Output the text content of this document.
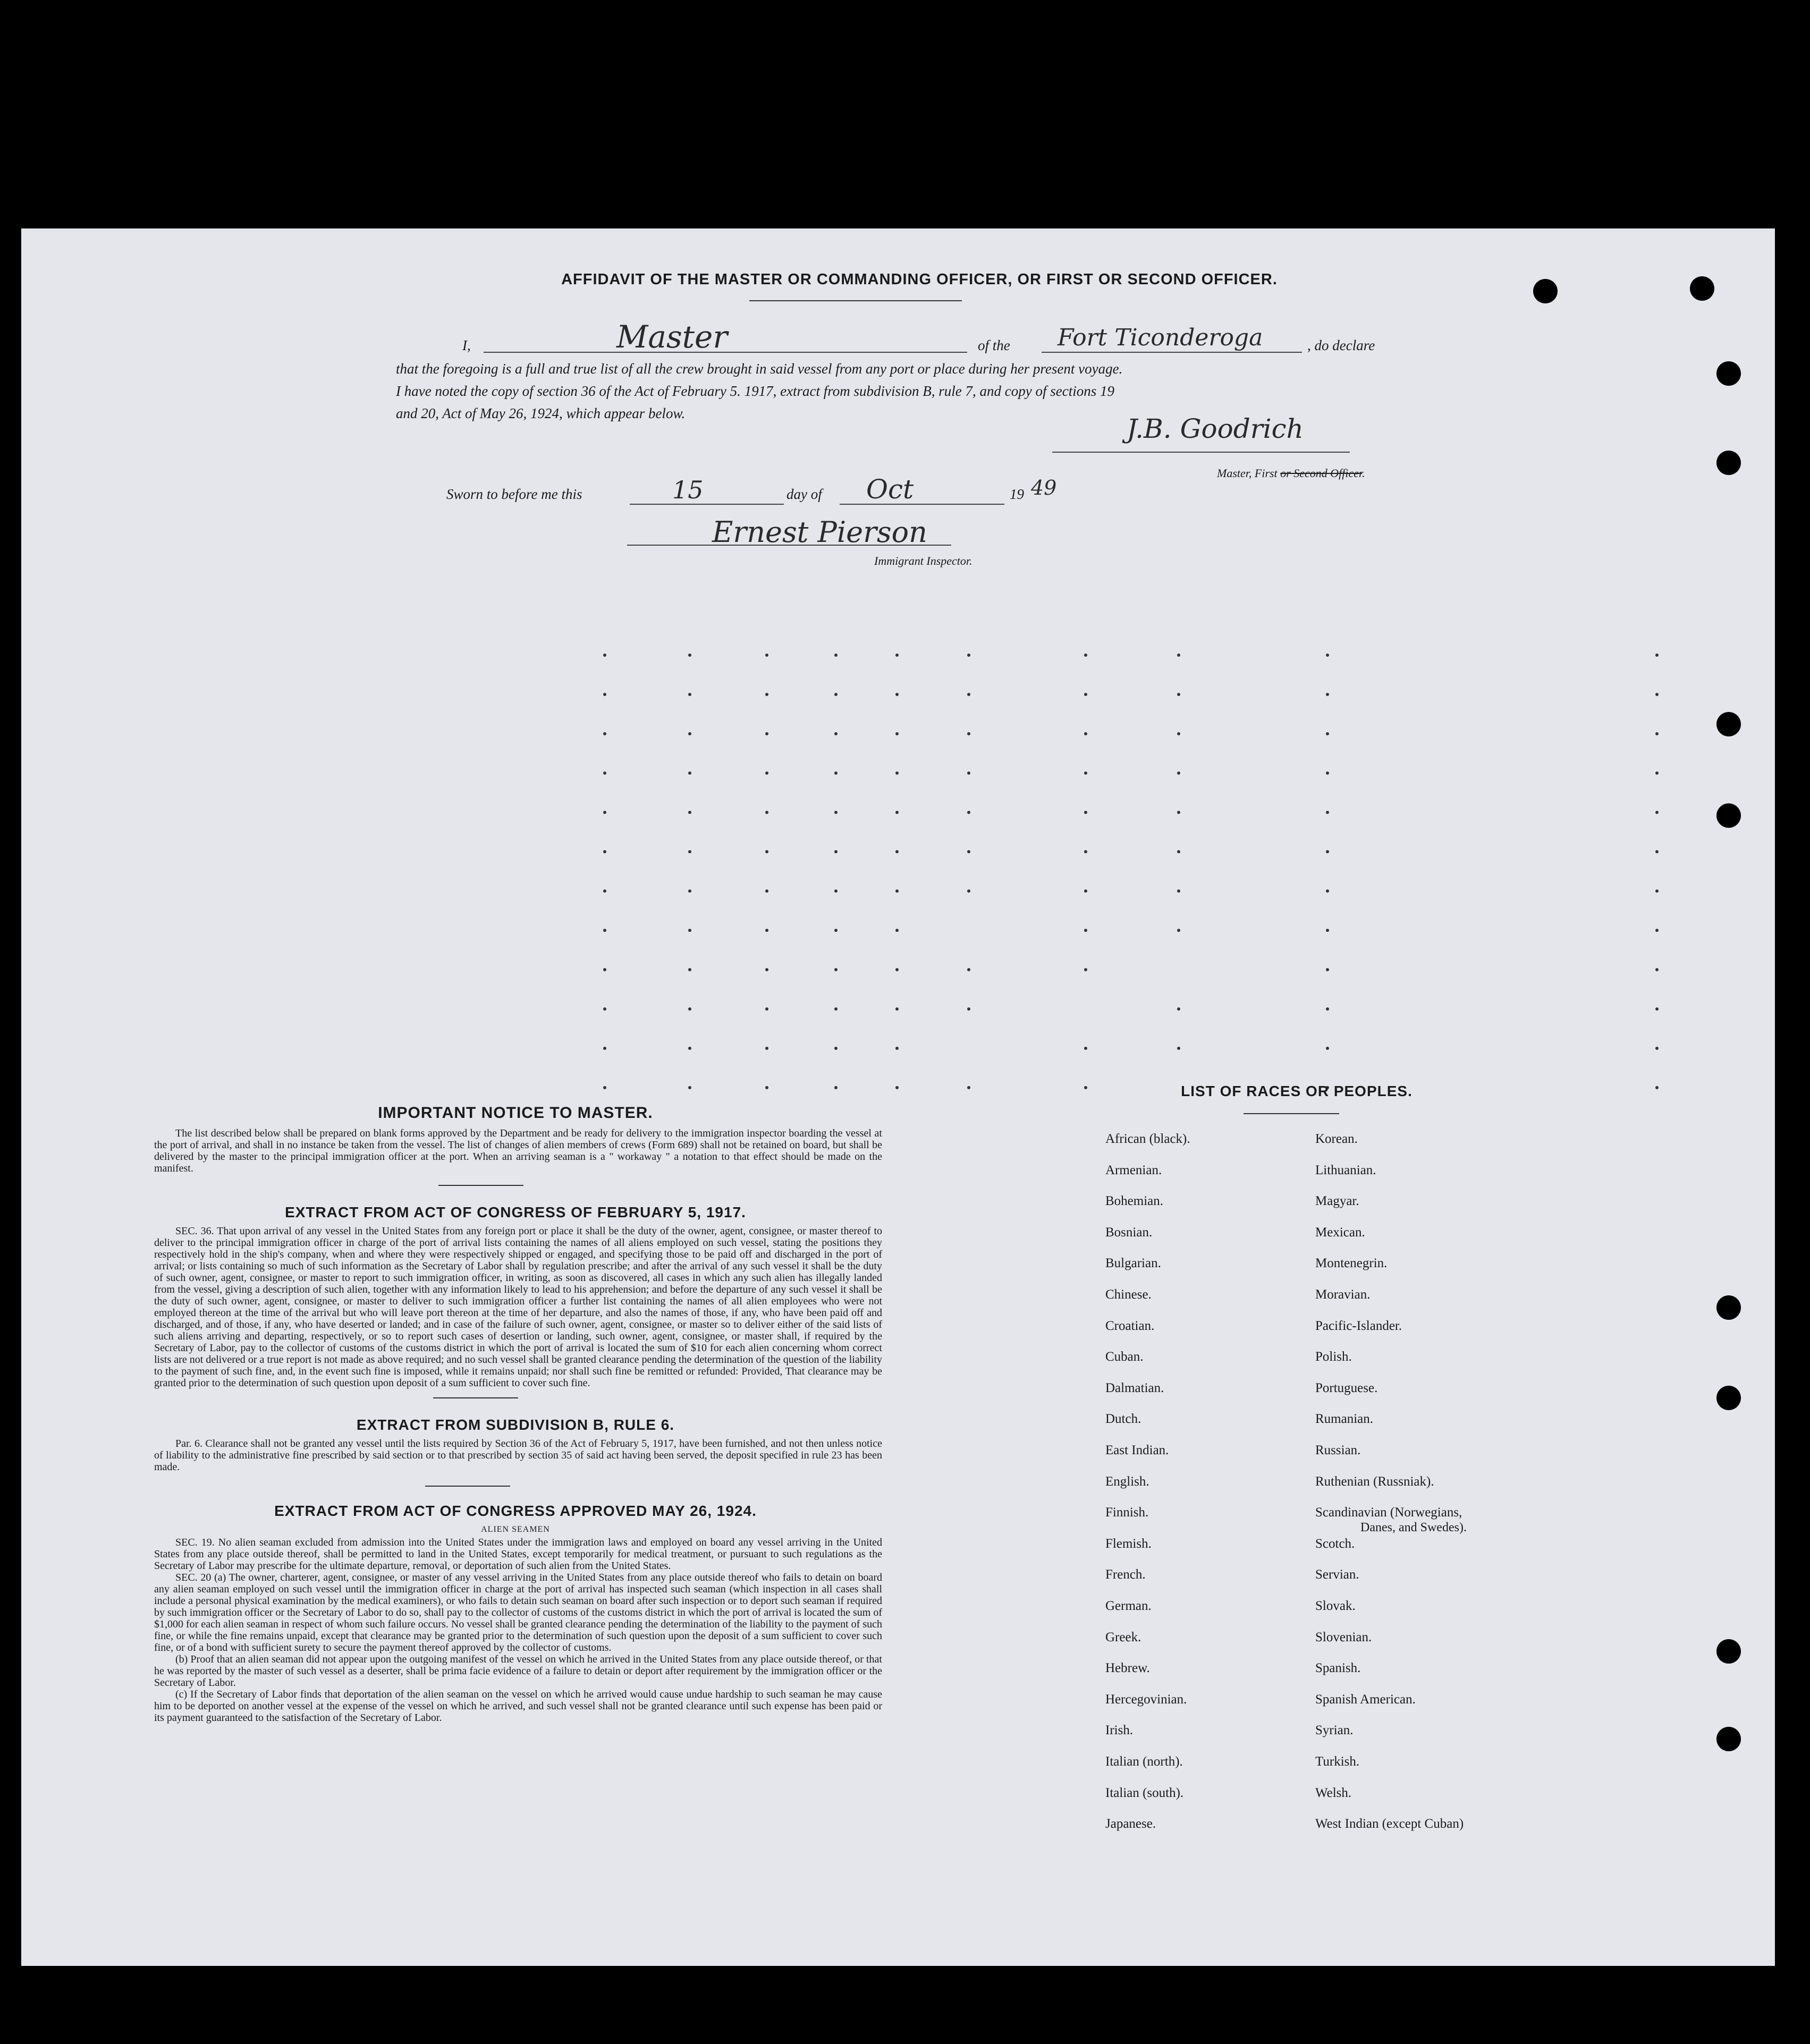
AFFIDAVIT OF THE MASTER OR COMMANDING OFFICER, OR FIRST OR SECOND OFFICER.
I,	Master	of the Fort Ticonderoga	, do declare
that the foregoing is a full and true list of all the crew brought in said vessel from any port or place during her present voyage.
I have noted the copy of section 36 of the Act of February 5. 1917, extract from subdivision B, rule 7, and copy of sections 19
and 20, Act of May 26, 1924, which appear below.	J.B. Goodrich
Master, First or Second Officer.
Sworn to before me this	15	day of Oct	19 49
Ernest Pierson
Immigrant Inspector.
IMPORTANT NOTICE TO MASTER.
The list described below shall be prepared on blank forms approved by the Department and be ready for delivery to the immigration inspector boarding the vessel at the port of arrival, and shall in no instance be taken from the vessel. The list of changes of alien members of crews (Form 689) shall not be retained on board, but shall be delivered by the master to the principal immigration officer at the port. When an arriving seaman is a " workaway " a notation to that effect should be made on the manifest.
EXTRACT FROM ACT OF CONGRESS OF FEBRUARY 5, 1917.
SEC. 36. That upon arrival of any vessel in the United States from any foreign port or place it shall be the duty of the owner, agent, consignee, or master thereof to deliver to the principal immigration officer in charge of the port of arrival lists containing the names of all aliens employed on such vessel, stating the positions they respectively hold in the ship's company, when and where they were respectively shipped or engaged, and specifying those to be paid off and discharged in the port of arrival; or lists containing so much of such information as the Secretary of Labor shall by regulation prescribe; and after the arrival of any such vessel it shall be the duty of such owner, agent, consignee, or master to report to such immigration officer, in writing, as soon as discovered, all cases in which any such alien has illegally landed from the vessel, giving a description of such alien, together with any information likely to lead to his apprehension; and before the departure of any such vessel it shall be the duty of such owner, agent, consignee, or master to deliver to such immigration officer a further list containing the names of all alien employees who were not employed thereon at the time of the arrival but who will leave port thereon at the time of her departure, and also the names of those, if any, who have been paid off and discharged, and of those, if any, who have deserted or landed; and in case of the failure of such owner, agent, consignee, or master so to deliver either of the said lists of such aliens arriving and departing, respectively, or so to report such cases of desertion or landing, such owner, agent, consignee, or master shall, if required by the Secretary of Labor, pay to the collector of customs of the customs district in which the port of arrival is located the sum of $10 for each alien concerning whom correct lists are not delivered or a true report is not made as above required; and no such vessel shall be granted clearance pending the determination of the question of the liability to the payment of such fine, and, in the event such fine is imposed, while it remains unpaid; nor shall such fine be remitted or refunded: Provided, That clearance may be granted prior to the determination of such question upon deposit of a sum sufficient to cover such fine.
EXTRACT FROM SUBDIVISION B, RULE 6.
Par. 6. Clearance shall not be granted any vessel until the lists required by Section 36 of the Act of February 5, 1917, have been furnished, and not then unless notice of liability to the administrative fine prescribed by said section or to that prescribed by section 35 of said act having been served, the deposit specified in rule 23 has been made.
EXTRACT FROM ACT OF CONGRESS APPROVED MAY 26, 1924.
ALIEN SEAMEN
SEC. 19. No alien seaman excluded from admission into the United States under the immigration laws and employed on board any vessel arriving in the United States from any place outside thereof, shall be permitted to land in the United States, except temporarily for medical treatment, or pursuant to such regulations as the Secretary of Labor may prescribe for the ultimate departure, removal, or deportation of such alien from the United States.
SEC. 20 (a) The owner, charterer, agent, consignee, or master of any vessel arriving in the United States from any place outside thereof who fails to detain on board any alien seaman employed on such vessel until the immigration officer in charge at the port of arrival has inspected such seaman (which inspection in all cases shall include a personal physical examination by the medical examiners), or who fails to detain such seaman on board after such inspection or to deport such seaman if required by such immigration officer or the Secretary of Labor to do so, shall pay to the collector of customs of the customs district in which the port of arrival is located the sum of $1,000 for each alien seaman in respect of whom such failure occurs. No vessel shall be granted clearance pending the determination of the liability to the payment of such fine, or while the fine remains unpaid, except that clearance may be granted prior to the determination of such question upon the deposit of a sum sufficient to cover such fine, or of a bond with sufficient surety to secure the payment thereof approved by the collector of customs.
(b) Proof that an alien seaman did not appear upon the outgoing manifest of the vessel on which he arrived in the United States from any place outside thereof, or that he was reported by the master of such vessel as a deserter, shall be prima facie evidence of a failure to detain or deport after requirement by the immigration officer or the Secretary of Labor.
(c) If the Secretary of Labor finds that deportation of the alien seaman on the vessel on which he arrived would cause undue hardship to such seaman he may cause him to be deported on another vessel at the expense of the vessel on which he arrived, and such vessel shall not be granted clearance until such expense has been paid or its payment guaranteed to the satisfaction of the Secretary of Labor.
LIST OF RACES OR PEOPLES.
African (black).
Armenian.
Bohemian.
Bosnian.
Bulgarian.
Chinese.
Croatian.
Cuban.
Dalmatian.
Dutch.
East Indian.
English.
Finnish.
Flemish.
French.
German.
Greek.
Hebrew.
Hercegovinian.
Irish.
Italian (north).
Italian (south).
Japanese.
Korean.
Lithuanian.
Magyar.
Mexican.
Montenegrin.
Moravian.
Pacific-Islander.
Polish.
Portuguese.
Rumanian.
Russian.
Ruthenian (Russniak).
Scandinavian (Norwegians,
Scotch.
Servian.
Slovak.
Slovenian.
Spanish.
Spanish American.
Syrian.
Turkish.
Welsh.
West Indian (except Cuban)
Danes, and Swedes).
